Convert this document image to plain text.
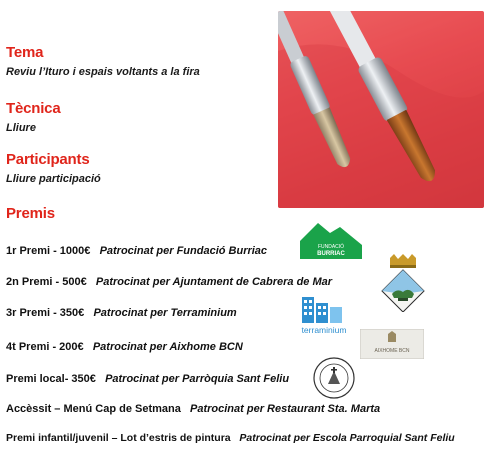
Tema
Reviu l’Ituro i espais voltants a la fira
Tècnica
Lliure
Participants
Lliure participació
Premis
1r Premi - 1000€ Patrocinat per Fundació Burriac
2n Premi - 500€ Patrocinat per Ajuntament de Cabrera de Mar
3r Premi - 350€ Patrocinat per Terraminium
4t Premi - 200€ Patrocinat per Aixhome BCN
Premi local- 350€ Patrocinat per Parròquia Sant Feliu
Accèssit – Menú Cap de Setmana Patrocinat per Restaurant Sta. Marta
Premi infantil/juvenil – Lot d’estris de pintura Patrocinat per Escola Parroquial Sant Feliu
FUNDACIÓ
BURRIAC
terraminium
AIXHOME BCN
